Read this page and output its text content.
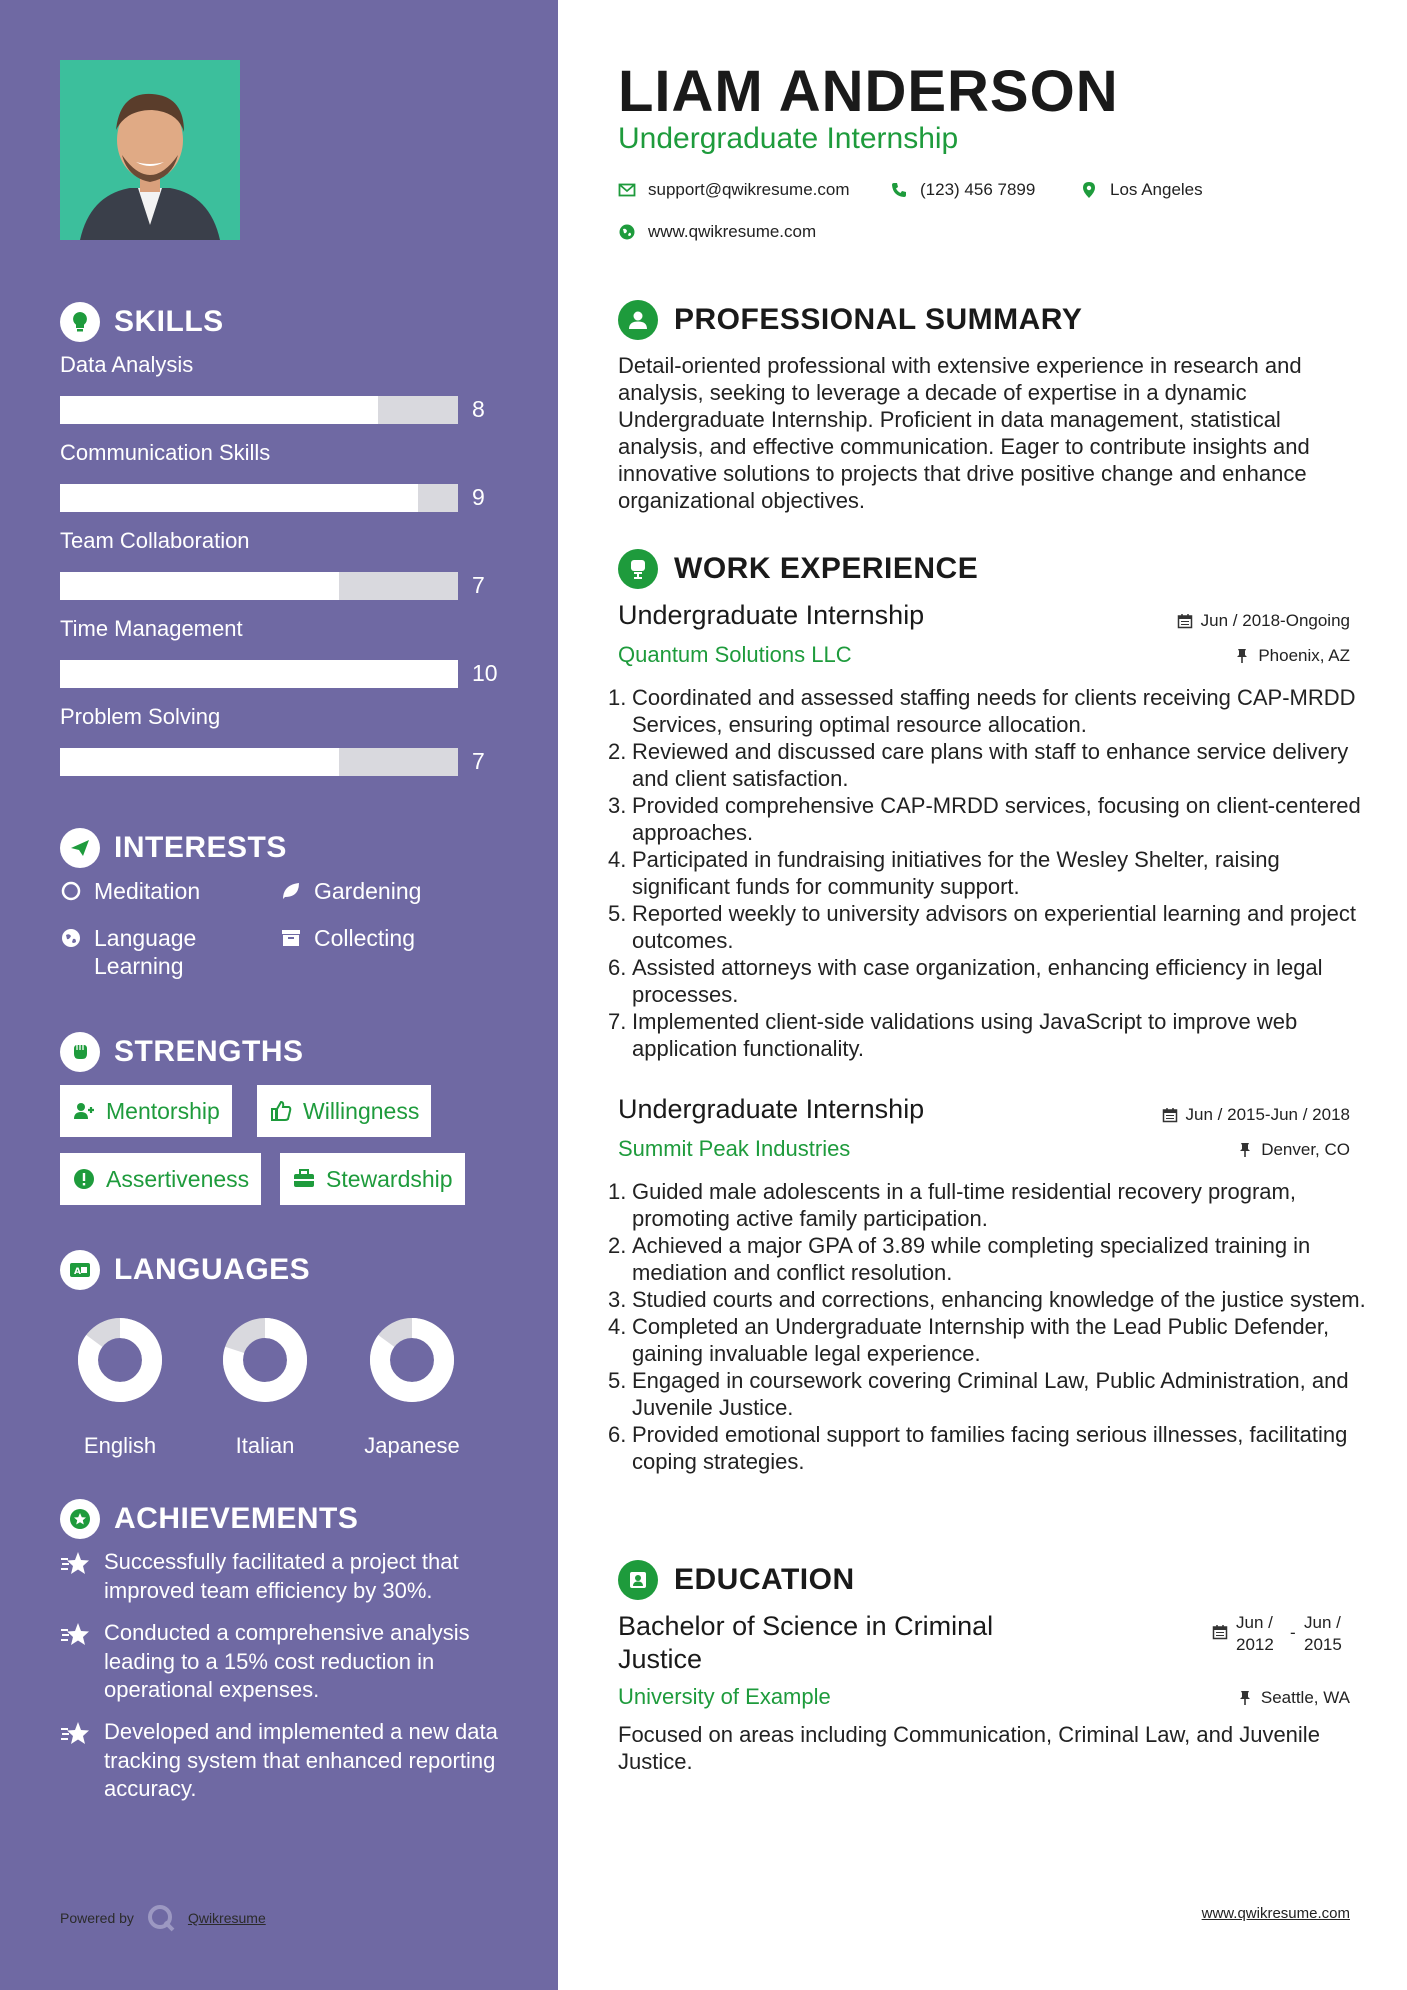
SKILLS
Data Analysis
8
Communication Skills
9
Team Collaboration
7
Time Management
10
Problem Solving
7
INTERESTS
Meditation	Gardening
Language Learning
Collecting
STRENGTHS
Mentorship	Willingness
Assertiveness	Stewardship
A LANGUAGES
English	Italian	Japanese
ACHIEVEMENTS
Successfully facilitated a project that improved team efficiency by 30%.
Conducted a comprehensive analysis leading to a 15% cost reduction in operational expenses.
Developed and implemented a new data tracking system that enhanced reporting accuracy.
Powered by	Qwikresume
LIAM ANDERSON
Undergraduate Internship
support@qwikresume.com	(123) 456 7899	Los Angeles
www.qwikresume.com
PROFESSIONAL SUMMARY
Detail-oriented professional with extensive experience in research and analysis, seeking to leverage a decade of expertise in a dynamic Undergraduate Internship. Proficient in data management, statistical analysis, and effective communication. Eager to contribute insights and innovative solutions to projects that drive positive change and enhance organizational objectives.
WORK EXPERIENCE
Undergraduate Internship	Jun / 2018-Ongoing
Quantum Solutions LLC	Phoenix, AZ
Coordinated and assessed staffing needs for clients receiving CAP-MRDD Services, ensuring optimal resource allocation.
Reviewed and discussed care plans with staff to enhance service delivery and client satisfaction.
Provided comprehensive CAP-MRDD services, focusing on client-centered approaches.
Participated in fundraising initiatives for the Wesley Shelter, raising significant funds for community support.
Reported weekly to university advisors on experiential learning and project outcomes.
Assisted attorneys with case organization, enhancing efficiency in legal processes.
Implemented client-side validations using JavaScript to improve web application functionality.
Undergraduate Internship	Jun / 2015-Jun / 2018
Summit Peak Industries	Denver, CO
Guided male adolescents in a full-time residential recovery program, promoting active family participation.
Achieved a major GPA of 3.89 while completing specialized training in mediation and conflict resolution.
Studied courts and corrections, enhancing knowledge of the justice system.
Completed an Undergraduate Internship with the Lead Public Defender, gaining invaluable legal experience.
Engaged in coursework covering Criminal Law, Public Administration, and Juvenile Justice.
Provided emotional support to families facing serious illnesses, facilitating coping strategies.
EDUCATION
Bachelor of Science in Criminal Justice
Jun / 2012
-
Jun / 2015
University of Example	Seattle, WA
Focused on areas including Communication, Criminal Law, and Juvenile Justice.
www.qwikresume.com
